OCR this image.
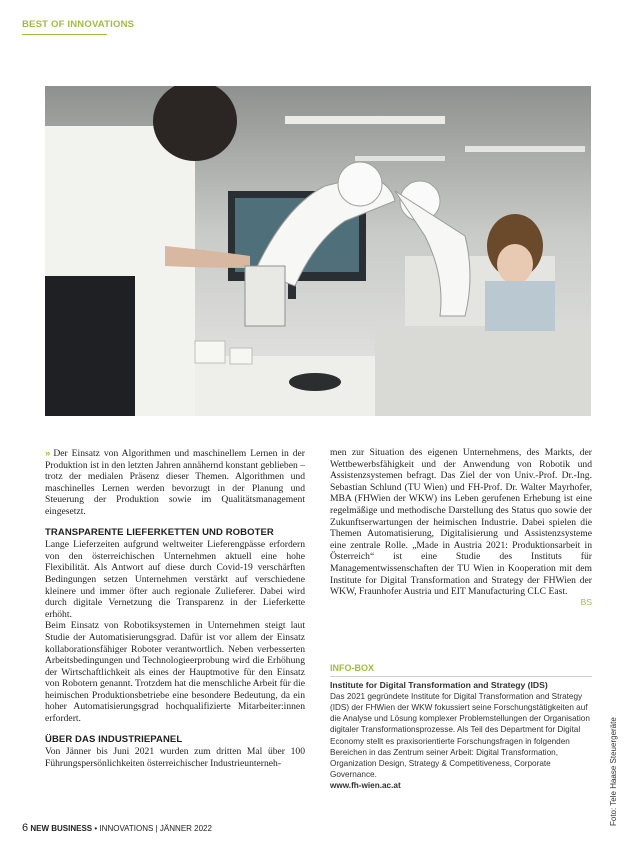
BEST OF INNOVATIONS

» Der Einsatz von Algorithmen und maschinellem Lernen in der Produktion ist in den letzten Jahren annähernd konstant geblieben – trotz der medialen Präsenz dieser Themen. Algorithmen und maschinelles Lernen werden bevorzugt in der Planung und Steuerung der Produktion sowie im Qualitätsmanagement eingesetzt.

TRANSPARENTE LIEFERKETTEN UND ROBOTER

Lange Lieferzeiten aufgrund weltweiter Lieferengpässe erfordern von den österreichischen Unternehmen aktuell eine hohe Flexibilität. Als Antwort auf diese durch Covid-19 verschärften Bedingungen setzen Unternehmen verstärkt auf verschiedene kleinere und immer öfter auch regionale Zulieferer. Dabei wird durch digitale Vernetzung die Transparenz in der Lieferkette erhöht.

Beim Einsatz von Robotiksystemen in Unternehmen steigt laut Studie der Automatisierungsgrad. Dafür ist vor allem der Einsatz kollaborationsfähiger Roboter verantwortlich. Neben verbesserten Arbeitsbedingungen und Technologieerprobung wird die Erhöhung der Wirtschaftlichkeit als eines der Hauptmotive für den Einsatz von Robotern genannt. Trotzdem hat die menschliche Arbeit für die heimischen Produktionsbetriebe eine besondere Bedeutung, da ein hoher Automatisierungsgrad hochqualifizierte Mitarbeiter:innen erfordert.

ÜBER DAS INDUSTRIEPANEL

Von Jänner bis Juni 2021 wurden zum dritten Mal über 100 Führungspersönlichkeiten österreichischer Industrieunterneh-

men zur Situation des eigenen Unternehmens, des Markts, der Wettbewerbsfähigkeit und der Anwendung von Robotik und Assistenzsystemen befragt. Das Ziel der von Univ.-Prof. Dr.-Ing. Sebastian Schlund (TU Wien) und FH-Prof. Dr. Walter Mayrhofer, MBA (FHWien der WKW) ins Leben gerufenen Erhebung ist eine regelmäßige und methodische Darstellung des Status quo sowie der Zukunftserwartungen der heimischen Industrie. Dabei spielen die Themen Automatisierung, Digitalisierung und Assistenzsysteme eine zentrale Rolle. „Made in Austria 2021: Produktionsarbeit in Österreich“ ist eine Studie des Instituts für Managementwissenschaften der TU Wien in Kooperation mit dem Institute for Digital Transformation and Strategy der FHWien der WKW, Fraunhofer Austria und EIT Manufacturing CLC East.

BS
INFO-BOX
Institute for Digital Transformation and Strategy (IDS)
Das 2021 gegründete Institute for Digital Transformation and Strategy (IDS) der FHWien der WKW fokussiert seine Forschungstätigkeiten auf die Analyse und Lösung komplexer Problemstellungen der Organisation digitaler Transformationsprozesse. Als Teil des Department for Digital Economy stellt es praxisorientierte Forschungsfragen in folgenden Bereichen in das Zentrum seiner Arbeit: Digital Transformation, Organization Design, Strategy & Competitiveness, Corporate Governance.
www.fh-wien.ac.at	Foto: Tele Haase Steuergeräte
6 NEW BUSINESS • INNOVATIONS | JÄNNER 2022
